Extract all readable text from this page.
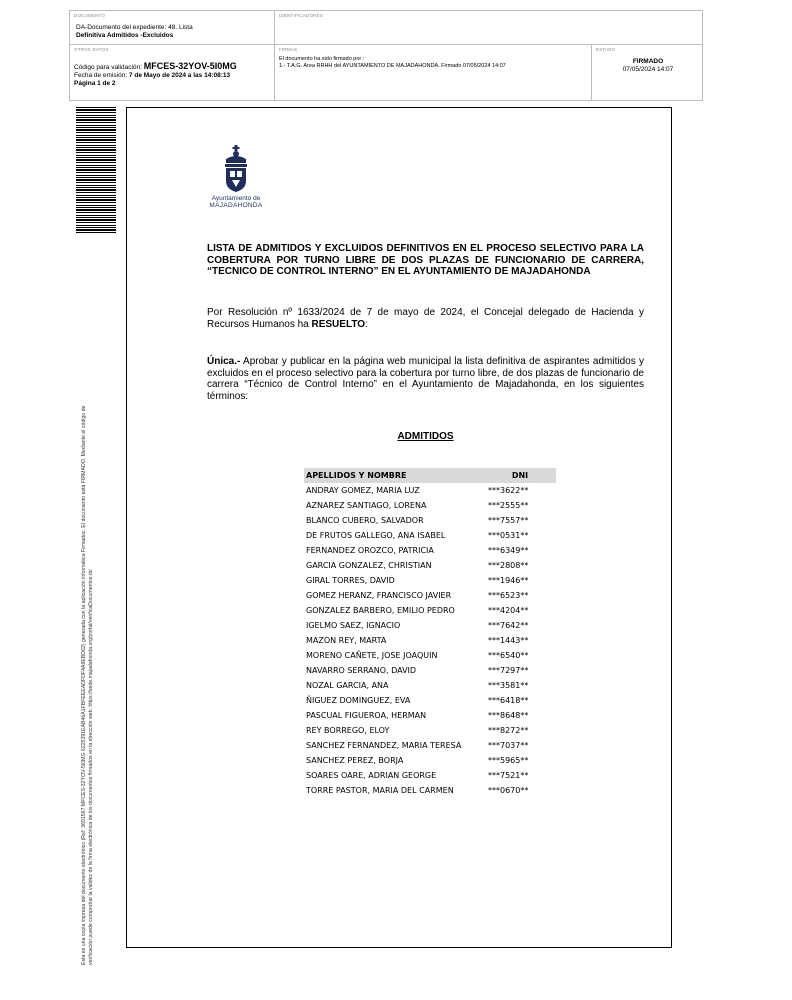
DOCUMENTO
DA-Documento del expediente: 48. Lista
Definitiva Admitidos -Excluidos
IDENTIFICADORES
OTROS DATOS
Código para validación: MFCES-32YOV-5I0MG
Fecha de emisión: 7 de Mayo de 2024 a las 14:08:13
Página 1 de 2
FIRMAS
El documento ha sido firmado por :
1.- T.A.G. Area RRHH del AYUNTAMIENTO DE MAJADAHONDA. Firmado 07/05/2024 14:07
ESTADO
FIRMADO
07/05/2024 14:07
Esta es una copia impresa del documento electrónico (Ref: 3691567 MFCES-32YOV-5I0MG 6225391EAB46A1FBFEEEADFDF4A9EBD62) generada con la aplicación informática Firmadoc. El documento está FIRMADO. Mediante el código de verificación puede comprobar la validez de la firma electrónica de los documentos firmados en la dirección web: https://sede.majadahonda.org/portal/verificaDocumentos.do
Ayuntamiento de
MAJADAHONDA
LISTA DE ADMITIDOS Y EXCLUIDOS DEFINITIVOS EN EL PROCESO SELECTIVO PARA LA COBERTURA POR TURNO LIBRE DE DOS PLAZAS DE FUNCIONARIO DE CARRERA, “TECNICO DE CONTROL INTERNO” EN EL AYUNTAMIENTO DE MAJADAHONDA
Por Resolución nº 1633/2024 de 7 de mayo de 2024, el Concejal delegado de Hacienda y Recursos Humanos ha RESUELTO:
Única.- Aprobar y publicar en la página web municipal la lista definitiva de aspirantes admitidos y excluidos en el proceso selectivo para la cobertura por turno libre, de dos plazas de funcionario de carrera “Técnico de Control Interno” en el Ayuntamiento de Majadahonda, en los siguientes términos:
ADMITIDOS
APELLIDOS Y NOMBRE	DNI
ANDRAY GOMEZ, MARIA LUZ	***3622**
AZNAREZ SANTIAGO, LORENA	***2555**
BLANCO CUBERO, SALVADOR	***7557**
DE FRUTOS GALLEGO, ANA ISABEL	***0531**
FERNANDEZ OROZCO, PATRICIA	***6349**
GARCIA GONZALEZ, CHRISTIAN	***2808**
GIRAL TORRES, DAVID	***1946**
GOMEZ HERANZ, FRANCISCO JAVIER	***6523**
GONZALEZ BARBERO, EMILIO PEDRO	***4204**
IGELMO SAEZ, IGNACIO	***7642**
MAZON REY, MARTA	***1443**
MORENO CAÑETE, JOSE JOAQUIN	***6540**
NAVARRO SERRANO, DAVID	***7297**
NOZAL GARCIA, ANA	***3581**
ÑIGUEZ DOMINGUEZ, EVA	***6418**
PASCUAL FIGUEROA, HERMAN	***8648**
REY BORREGO, ELOY	***8272**
SANCHEZ FERNANDEZ, MARIA TERESA	***7037**
SANCHEZ PEREZ, BORJA	***5965**
SOARES OARE, ADRIAN GEORGE	***7521**
TORRE PASTOR, MARIA DEL CARMEN	***0670**
